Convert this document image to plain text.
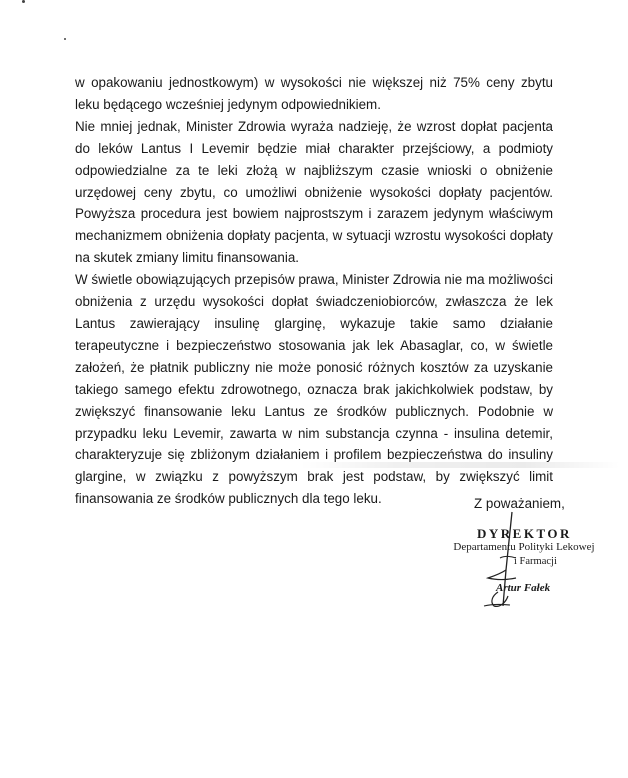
w opakowaniu jednostkowym) w wysokości nie większej niż 75% ceny zbytu leku będącego wcześniej jedynym odpowiednikiem.

Nie mniej jednak, Minister Zdrowia wyraża nadzieję, że wzrost dopłat pacjenta do leków Lantus I Levemir będzie miał charakter przejściowy, a podmioty odpowiedzialne za te leki złożą w najbliższym czasie wnioski o obniżenie urzędowej ceny zbytu, co umożliwi obniżenie wysokości dopłaty pacjentów. Powyższa procedura jest bowiem najprostszym i zarazem jedynym właściwym mechanizmem obniżenia dopłaty pacjenta, w sytuacji wzrostu wysokości dopłaty na skutek zmiany limitu finansowania.

W świetle obowiązujących przepisów prawa, Minister Zdrowia nie ma możliwości obniżenia z urzędu wysokości dopłat świadczeniobiorców, zwłaszcza że lek Lantus zawierający insulinę glarginę, wykazuje takie samo działanie terapeutyczne i bezpieczeństwo stosowania jak lek Abasaglar, co, w świetle założeń, że płatnik publiczny nie może ponosić różnych kosztów za uzyskanie takiego samego efektu zdrowotnego, oznacza brak jakichkolwiek podstaw, by zwiększyć finansowanie leku Lantus ze środków publicznych. Podobnie w przypadku leku Levemir, zawarta w nim substancja czynna - insulina detemir, charakteryzuje się zbliżonym działaniem i profilem bezpieczeństwa do insuliny glargine, w związku z powyższym brak jest podstaw, by zwiększyć limit finansowania ze środków publicznych dla tego leku.	Z poważaniem,
DYREKTOR
Departamentu Polityki Lekowej
i Farmacji
Artur Fałek
